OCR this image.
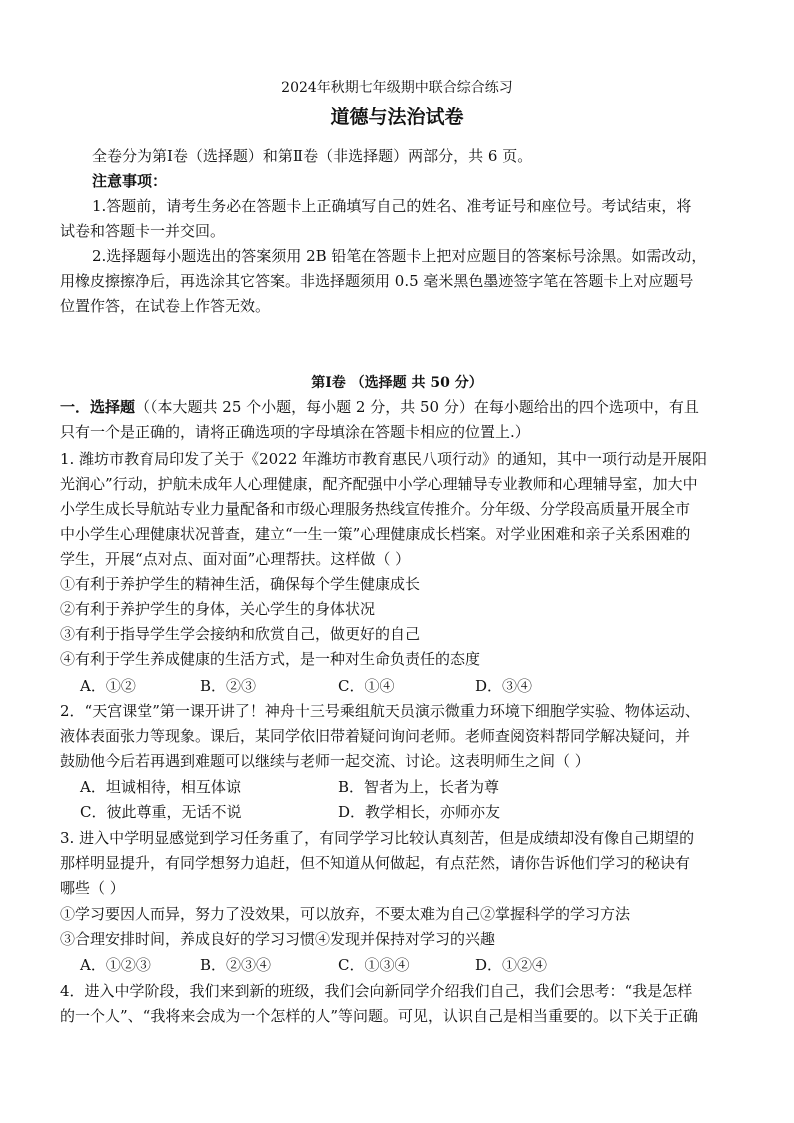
2024年秋期七年级期中联合综合练习
道德与法治试卷
全卷分为第Ⅰ卷（选择题）和第Ⅱ卷（非选择题）两部分，共 6 页。
注意事项：
1.答题前，请考生务必在答题卡上正确填写自己的姓名、准考证号和座位号。考试结束，将
试卷和答题卡一并交回。
2.选择题每小题选出的答案须用 2B 铅笔在答题卡上把对应题目的答案标号涂黑。如需改动，
用橡皮擦擦净后，再选涂其它答案。非选择题须用 0.5 毫米黑色墨迹签字笔在答题卡上对应题号
位置作答，在试卷上作答无效。
第Ⅰ卷 （选择题 共 50 分）
一．选择题（（本大题共 25 个小题，每小题 2 分，共 50 分）在每小题给出的四个选项中，有且
只有一个是正确的，请将正确选项的字母填涂在答题卡相应的位置上.）
1. 潍坊市教育局印发了关于《2022 年潍坊市教育惠民八项行动》的通知，其中一项行动是开展阳
光润心”行动，护航未成年人心理健康，配齐配强中小学心理辅导专业教师和心理辅导室，加大中
小学生成长导航站专业力量配备和市级心理服务热线宣传推介。分年级、分学段高质量开展全市
中小学生心理健康状况普查，建立“一生一策”心理健康成长档案。对学业困难和亲子关系困难的
学生，开展“点对点、面对面”心理帮扶。这样做（ ）
①有利于养护学生的精神生活，确保每个学生健康成长
②有利于养护学生的身体，关心学生的身体状况
③有利于指导学生学会接纳和欣赏自己，做更好的自己
④有利于学生养成健康的生活方式，是一种对生命负责任的态度
A．①②	B．②③	C．①④	D．③④
2．“天宫课堂”第一课开讲了！神舟十三号乘组航天员演示微重力环境下细胞学实验、物体运动、
液体表面张力等现象。课后，某同学依旧带着疑问询问老师。老师查阅资料帮同学解决疑问，并
鼓励他今后若再遇到难题可以继续与老师一起交流、讨论。这表明师生之间（ ）
A．坦诚相待，相互体谅	B．智者为上，长者为尊
C．彼此尊重，无话不说	D．教学相长，亦师亦友
3. 进入中学明显感觉到学习任务重了，有同学学习比较认真刻苦，但是成绩却没有像自己期望的
那样明显提升，有同学想努力追赶，但不知道从何做起，有点茫然，请你告诉他们学习的秘诀有
哪些（ ）
①学习要因人而异，努力了没效果，可以放弃，不要太难为自己②掌握科学的学习方法
③合理安排时间，养成良好的学习习惯④发现并保持对学习的兴趣
A．①②③	B．②③④	C．①③④	D．①②④
4．进入中学阶段，我们来到新的班级，我们会向新同学介绍我们自己，我们会思考：“我是怎样
的一个人”、“我将来会成为一个怎样的人”等问题。可见，认识自己是相当重要的。以下关于正确
